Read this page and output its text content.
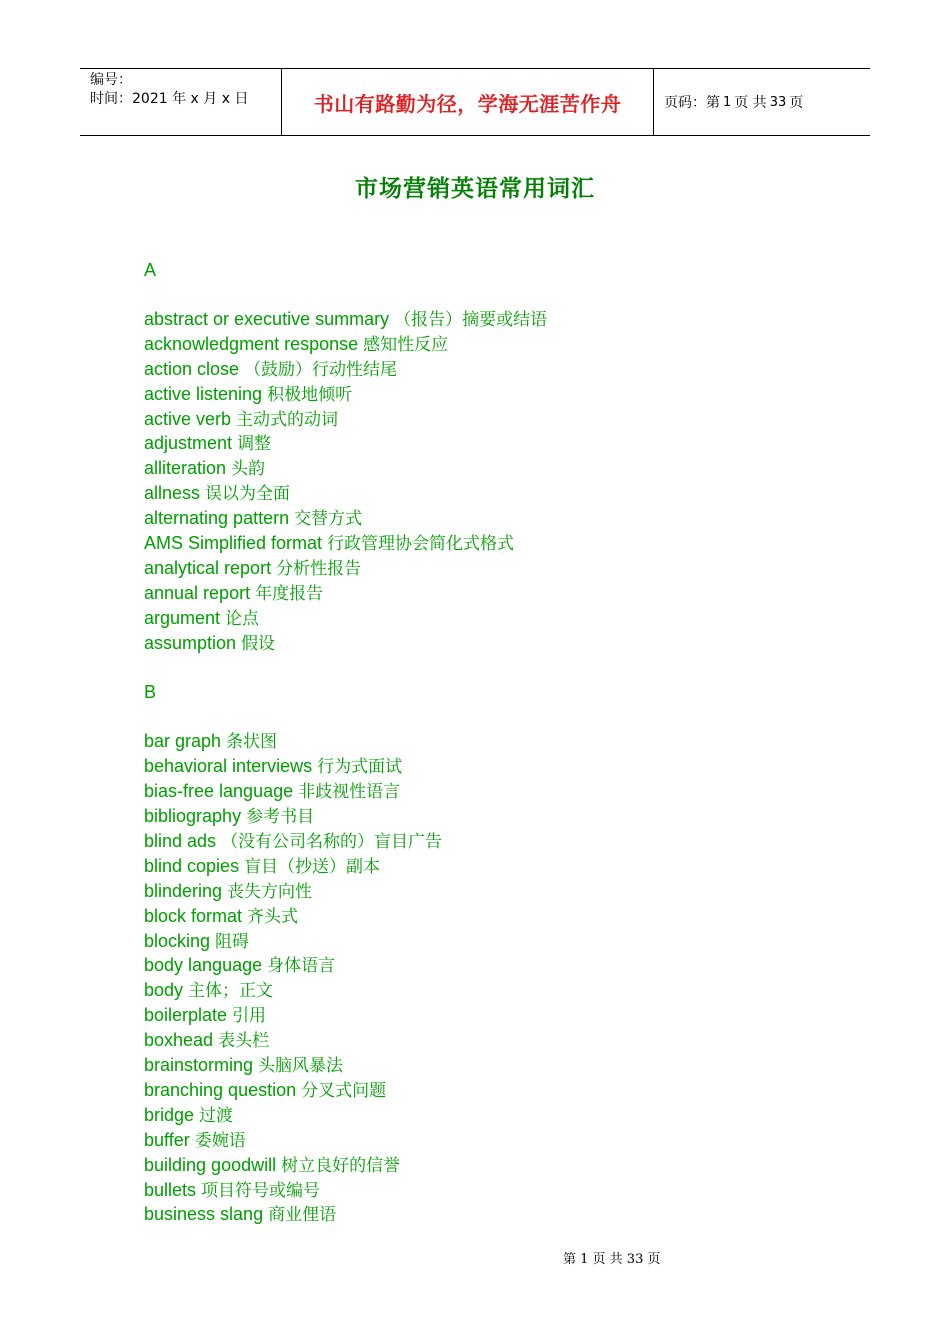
编号：
时间：2021 年 x 月 x 日	书山有路勤为径，学海无涯苦作舟	页码：第 1 页 共 33 页
市场营销英语常用词汇
A
abstract or executive summary （报告）摘要或结语
acknowledgment response 感知性反应
action close （鼓励）行动性结尾
active listening 积极地倾听
active verb 主动式的动词
adjustment 调整
alliteration 头韵
allness 误以为全面
alternating pattern 交替方式
AMS Simplified format 行政管理协会简化式格式
analytical report 分析性报告
annual report 年度报告
argument 论点
assumption 假设
B
bar graph 条状图
behavioral interviews 行为式面试
bias-free language 非歧视性语言
bibliography 参考书目
blind ads （没有公司名称的）盲目广告
blind copies 盲目（抄送）副本
blindering 丧失方向性
block format 齐头式
blocking 阻碍
body language 身体语言
body 主体；正文
boilerplate 引用
boxhead 表头栏
brainstorming 头脑风暴法
branching question 分叉式问题
bridge 过渡
buffer 委婉语
building goodwill 树立良好的信誉
bullets 项目符号或编号
business slang 商业俚语
第 1 页 共 33 页
